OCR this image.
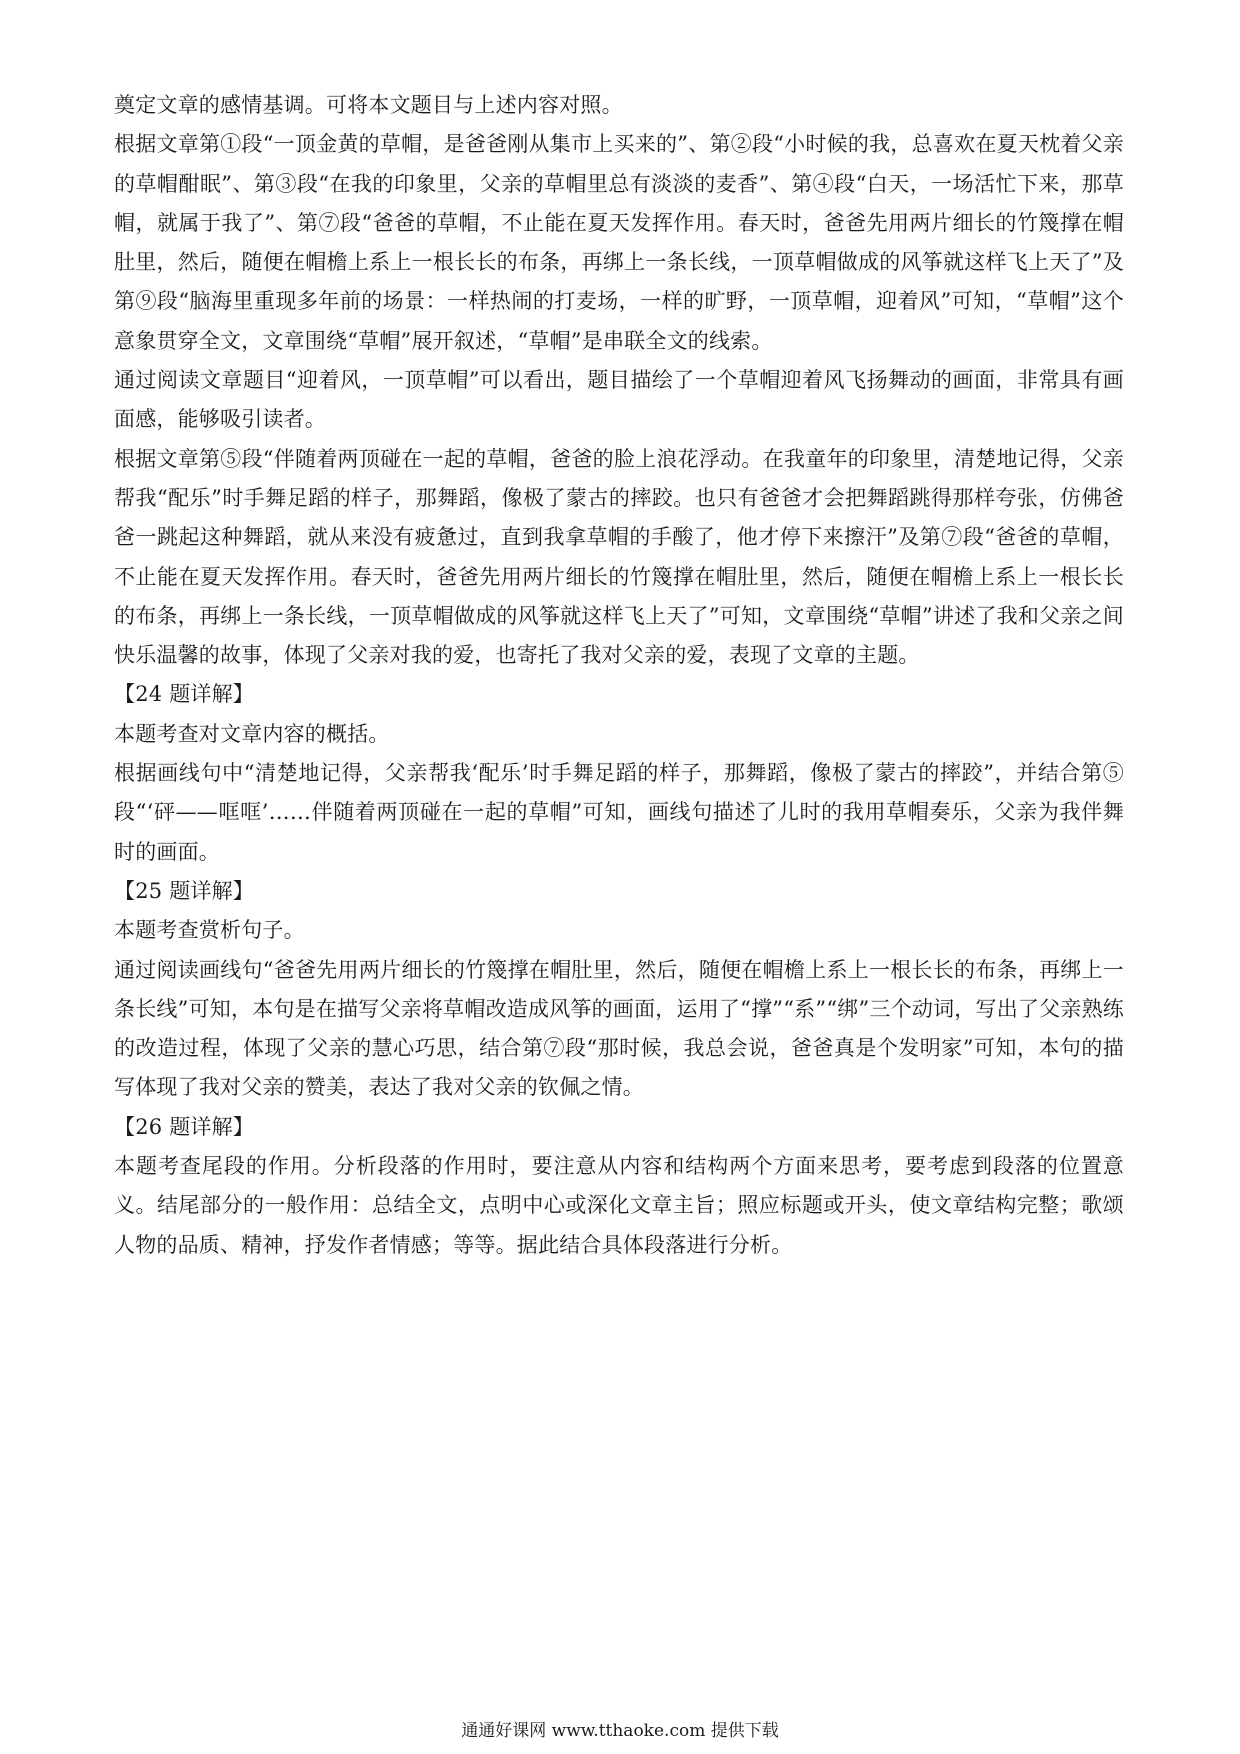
奠定文章的感情基调。可将本文题目与上述内容对照。

根据文章第①段“一顶金黄的草帽，是爸爸刚从集市上买来的”、第②段“小时候的我，总喜欢在夏天枕着父亲的草帽酣眠”、第③段“在我的印象里，父亲的草帽里总有淡淡的麦香”、第④段“白天，一场活忙下来，那草帽，就属于我了”、第⑦段“爸爸的草帽，不止能在夏天发挥作用。春天时，爸爸先用两片细长的竹篾撑在帽肚里，然后，随便在帽檐上系上一根长长的布条，再绑上一条长线，一顶草帽做成的风筝就这样飞上天了”及第⑨段“脑海里重现多年前的场景：一样热闹的打麦场，一样的旷野，一顶草帽，迎着风”可知，“草帽”这个意象贯穿全文，文章围绕“草帽”展开叙述，“草帽”是串联全文的线索。

通过阅读文章题目“迎着风，一顶草帽”可以看出，题目描绘了一个草帽迎着风飞扬舞动的画面，非常具有画面感，能够吸引读者。

根据文章第⑤段“伴随着两顶碰在一起的草帽，爸爸的脸上浪花浮动。在我童年的印象里，清楚地记得，父亲帮我“配乐”时手舞足蹈的样子，那舞蹈，像极了蒙古的摔跤。也只有爸爸才会把舞蹈跳得那样夸张，仿佛爸爸一跳起这种舞蹈，就从来没有疲惫过，直到我拿草帽的手酸了，他才停下来擦汗”及第⑦段“爸爸的草帽，不止能在夏天发挥作用。春天时，爸爸先用两片细长的竹篾撑在帽肚里，然后，随便在帽檐上系上一根长长的布条，再绑上一条长线，一顶草帽做成的风筝就这样飞上天了”可知，文章围绕“草帽”讲述了我和父亲之间快乐温馨的故事，体现了父亲对我的爱，也寄托了我对父亲的爱，表现了文章的主题。

【24 题详解】

本题考查对文章内容的概括。

根据画线句中“清楚地记得，父亲帮我‘配乐’时手舞足蹈的样子，那舞蹈，像极了蒙古的摔跤”，并结合第⑤段“‘砰——哐哐’……伴随着两顶碰在一起的草帽”可知，画线句描述了儿时的我用草帽奏乐，父亲为我伴舞时的画面。

【25 题详解】

本题考查赏析句子。

通过阅读画线句“爸爸先用两片细长的竹篾撑在帽肚里，然后，随便在帽檐上系上一根长长的布条，再绑上一条长线”可知，本句是在描写父亲将草帽改造成风筝的画面，运用了“撑”“系”“绑”三个动词，写出了父亲熟练的改造过程，体现了父亲的慧心巧思，结合第⑦段“那时候，我总会说，爸爸真是个发明家”可知，本句的描写体现了我对父亲的赞美，表达了我对父亲的钦佩之情。

【26 题详解】

本题考查尾段的作用。分析段落的作用时，要注意从内容和结构两个方面来思考，要考虑到段落的位置意义。结尾部分的一般作用：总结全文，点明中心或深化文章主旨；照应标题或开头，使文章结构完整；歌颂人物的品质、精神，抒发作者情感；等等。据此结合具体段落进行分析。

通通好课网 www.tthaoke.com 提供下载
